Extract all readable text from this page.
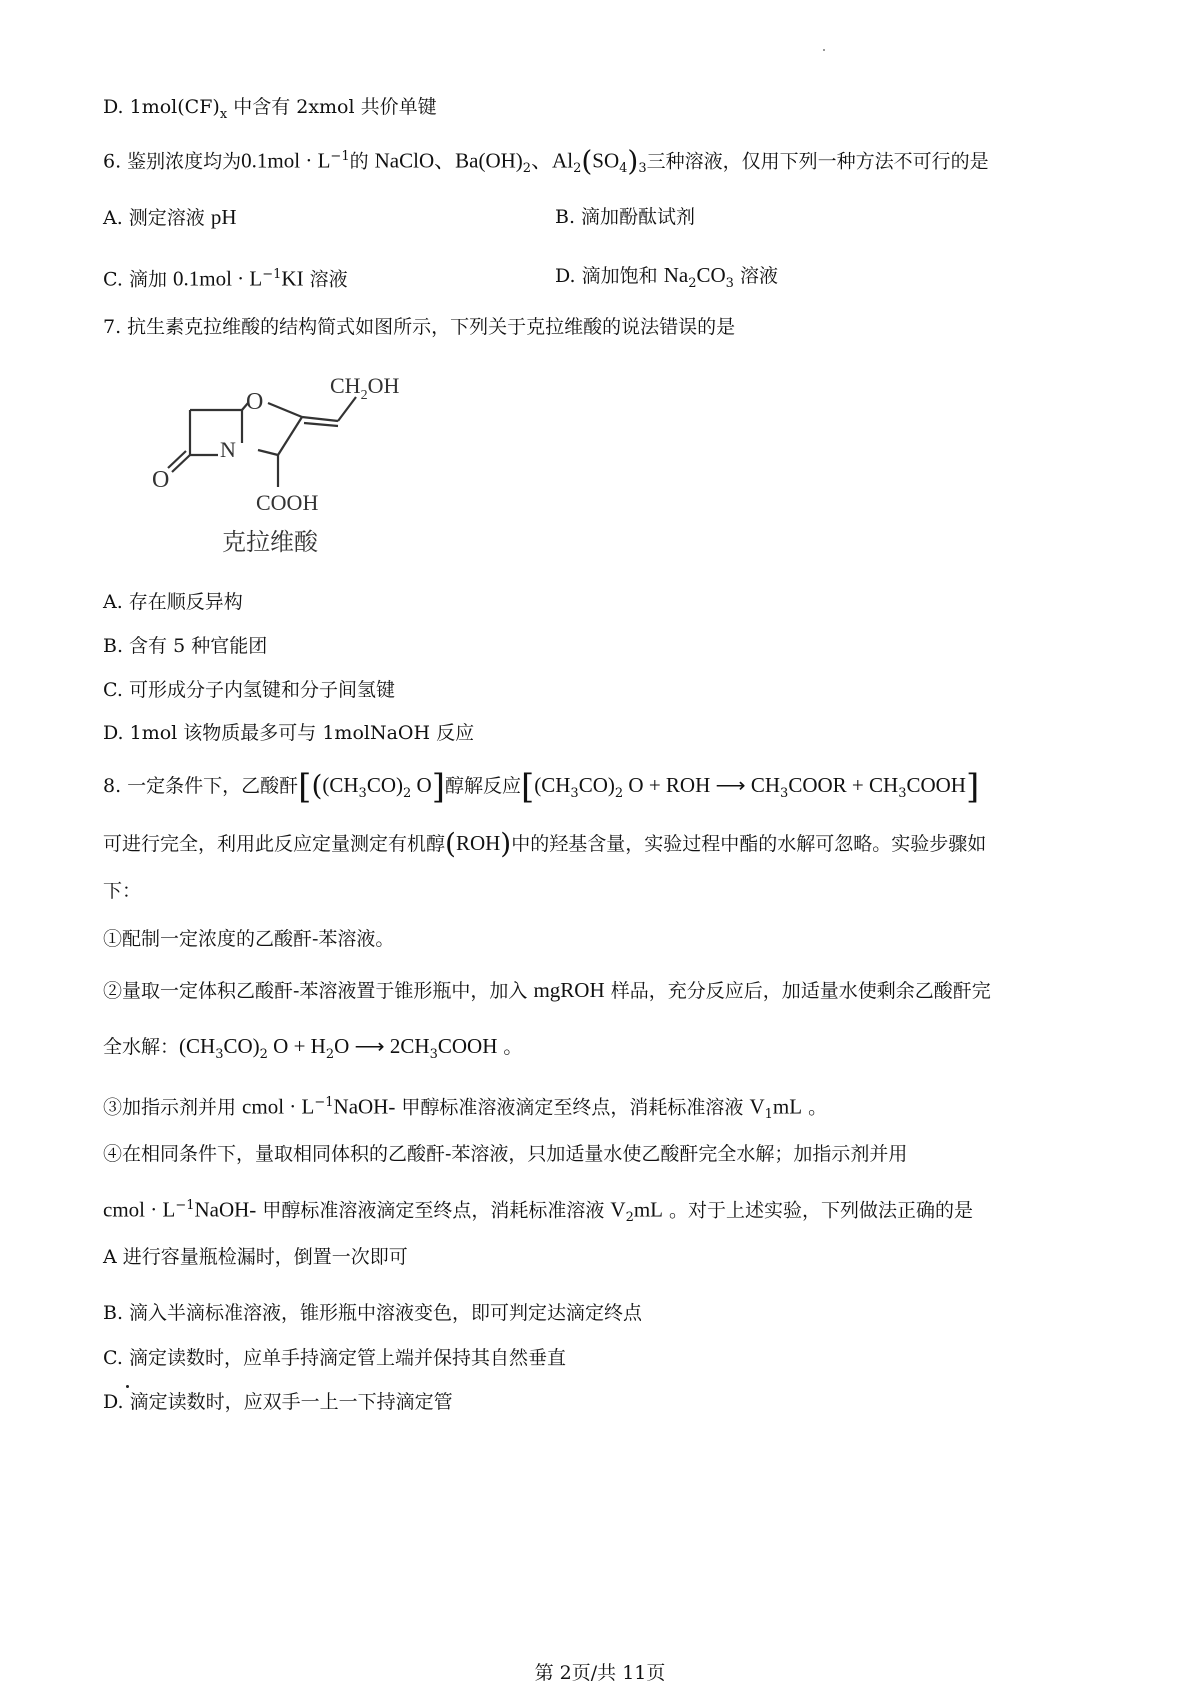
D. $1mol(CF)_x$ 中含有 2xmol 共价单键
6. 鉴别浓度均为$0.1mol \cdot L^{-1}$的 NaClO、$Ba(OH)_2$、$Al_2(SO_4)_3$三种溶液，仅用下列一种方法不可行的是
A. 测定溶液 pH	B. 滴加酚酞试剂
C. 滴加 $0.1mol \cdot L^{-1}KI$ 溶液	D. 滴加饱和 $Na_2CO_3$ 溶液
7. 抗生素克拉维酸的结构简式如图所示，下列关于克拉维酸的说法错误的是
O
N
O
COOH
$CH_2OH$
克拉维酸
A. 存在顺反异构
B. 含有 5 种官能团
C. 可形成分子内氢键和分子间氢键
D. 1mol 该物质最多可与 1molNaOH 反应
8. 一定条件下，乙酸酐[($(CH_3CO)_2$ O]醇解反应[$(CH_3CO)_2$ O + ROH ⟶ $CH_3COOR$ + $CH_3COOH$]
可进行完全，利用此反应定量测定有机醇(ROH)中的羟基含量，实验过程中酯的水解可忽略。实验步骤如
下：
①配制一定浓度的乙酸酐-苯溶液。
②量取一定体积乙酸酐-苯溶液置于锥形瓶中，加入 mgROH 样品，充分反应后，加适量水使剩余乙酸酐完
全水解：$(CH_3CO)_2$ $O + H_2O$ ⟶ $2CH_3COOH$ 。
③加指示剂并用 cmol · $L^{-1}NaOH-$ 甲醇标准溶液滴定至终点，消耗标准溶液 $V_1mL$ 。
④在相同条件下，量取相同体积的乙酸酐-苯溶液，只加适量水使乙酸酐完全水解；加指示剂并用
cmol · $L^{-1}NaOH-$ 甲醇标准溶液滴定至终点，消耗标准溶液 $V_2mL$ 。对于上述实验，下列做法正确的是
A 进行容量瓶检漏时，倒置一次即可
B. 滴入半滴标准溶液，锥形瓶中溶液变色，即可判定达滴定终点
C. 滴定读数时，应单手持滴定管上端并保持其自然垂直
D. 滴定读数时，应双手一上一下持滴定管
第 2页/共 11页
